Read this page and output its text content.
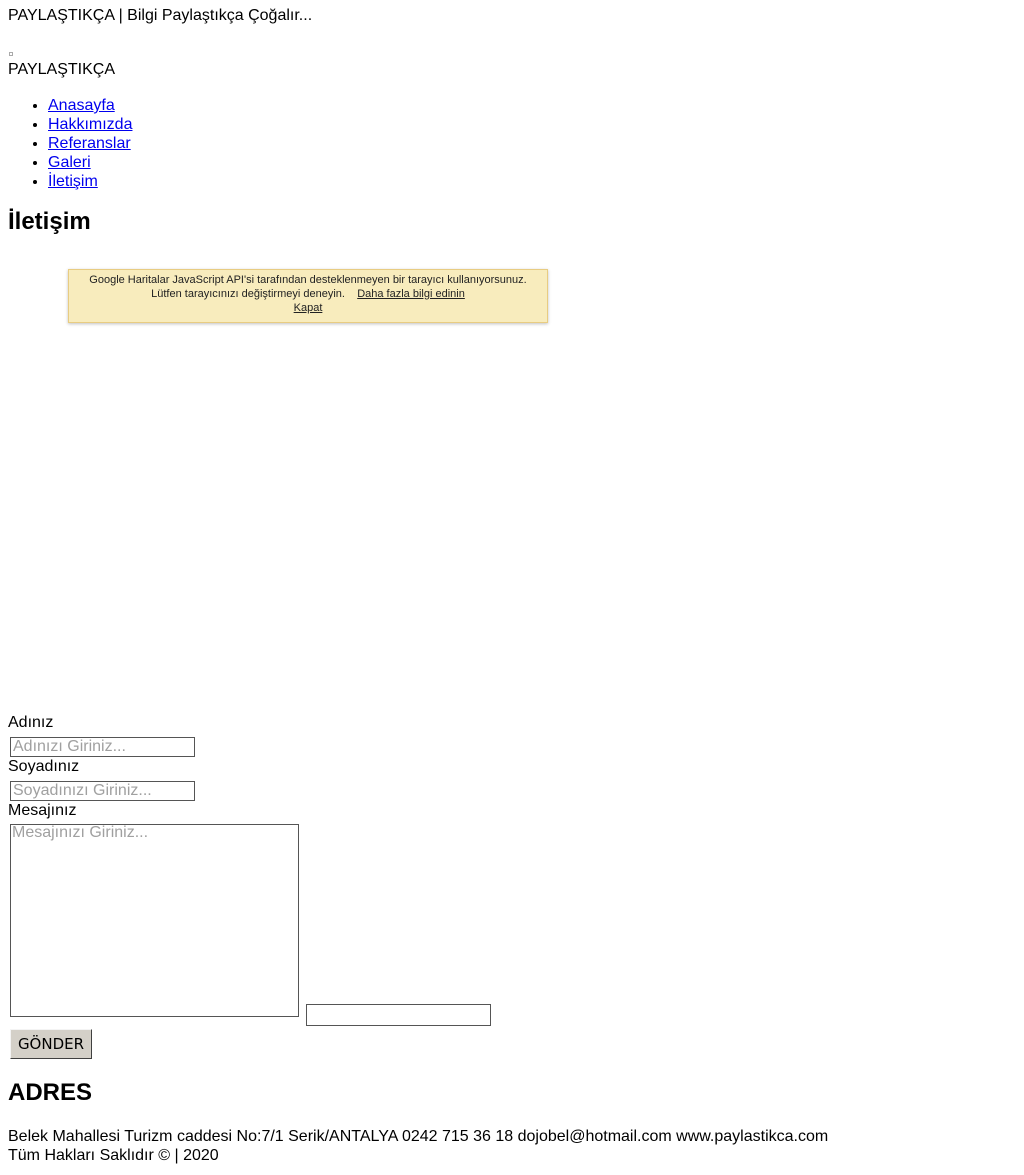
PAYLAŞTIKÇA | Bilgi Paylaştıkça Çoğalır...
PAYLAŞTIKÇA
• Anasayfa
• Hakkımızda
• Referanslar
• Galeri
• İletişim
İletişim
Google Haritalar JavaScript API'si tarafından desteklenmeyen bir tarayıcı kullanıyorsunuz. Lütfen tarayıcınızı değiştirmeyi deneyin. Daha fazla bilgi edinin
Kapat
Adınız
Adınızı Giriniz...
Soyadınız
Soyadınızı Giriniz...
Mesajınız
Mesajınızı Giriniz...
GÖNDER
ADRES
Belek Mahallesi Turizm caddesi No:7/1 Serik/ANTALYA 0242 715 36 18 dojobel@hotmail.com www.paylastikca.com
Tüm Hakları Saklıdır © | 2020
